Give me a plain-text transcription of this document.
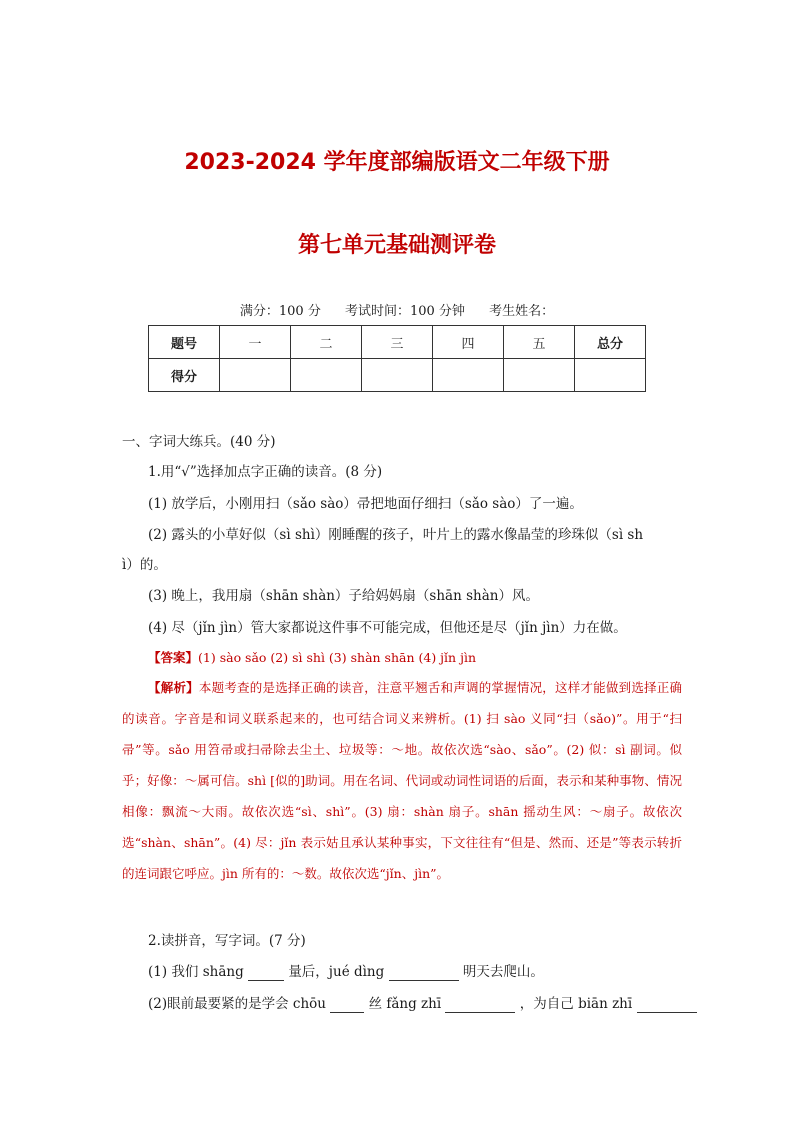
2023-2024 学年度部编版语文二年级下册
第七单元基础测评卷
满分：100 分 考试时间：100 分钟 考生姓名：
题号	一	二	三	四	五	总分
得分						
一、字词大练兵。(40 分)
1.用“√”选择加点字正确的读音。(8 分)
(1) 放学后，小刚用扫（sǎo sào）帚把地面仔细扫（sǎo sào）了一遍。
(2) 露头的小草好似（sì shì）刚睡醒的孩子，叶片上的露水像晶莹的珍珠似（sì sh
ì）的。
(3) 晚上，我用扇（shān shàn）子给妈妈扇（shān shàn）风。
(4) 尽（jǐn jìn）管大家都说这件事不可能完成，但他还是尽（jǐn jìn）力在做。
【答案】(1) sào sǎo (2) sì shì (3) shàn shān (4) jǐn jìn
【解析】本题考查的是选择正确的读音，注意平翘舌和声调的掌握情况，这样才能做到选择正确的读音。字音是和词义联系起来的，也可结合词义来辨析。(1) 扫 sào 义同“扫（sǎo)”。用于“扫帚”等。sǎo 用笤帚或扫帚除去尘土、垃圾等：～地。故依次选“sào、sǎo”。(2) 似：sì 副词。似乎；好像：～属可信。shì [似的]助词。用在名词、代词或动词性词语的后面，表示和某种事物、情况相像：飘流～大雨。故依次选“sì、shì”。(3) 扇：shàn 扇子。shān 摇动生风：～扇子。故依次选“shàn、shān”。(4) 尽：jǐn 表示姑且承认某种事实，下文往往有“但是、然而、还是”等表示转折的连词跟它呼应。jìn 所有的：～数。故依次选“jǐn、jìn”。
2.读拼音，写字词。(7 分)
(1) 我们 shāng	量后，jué dìng	明天去爬山。
(2)眼前最要紧的是学会 chōu	丝 fǎng zhī	，为自己 biān zhī
